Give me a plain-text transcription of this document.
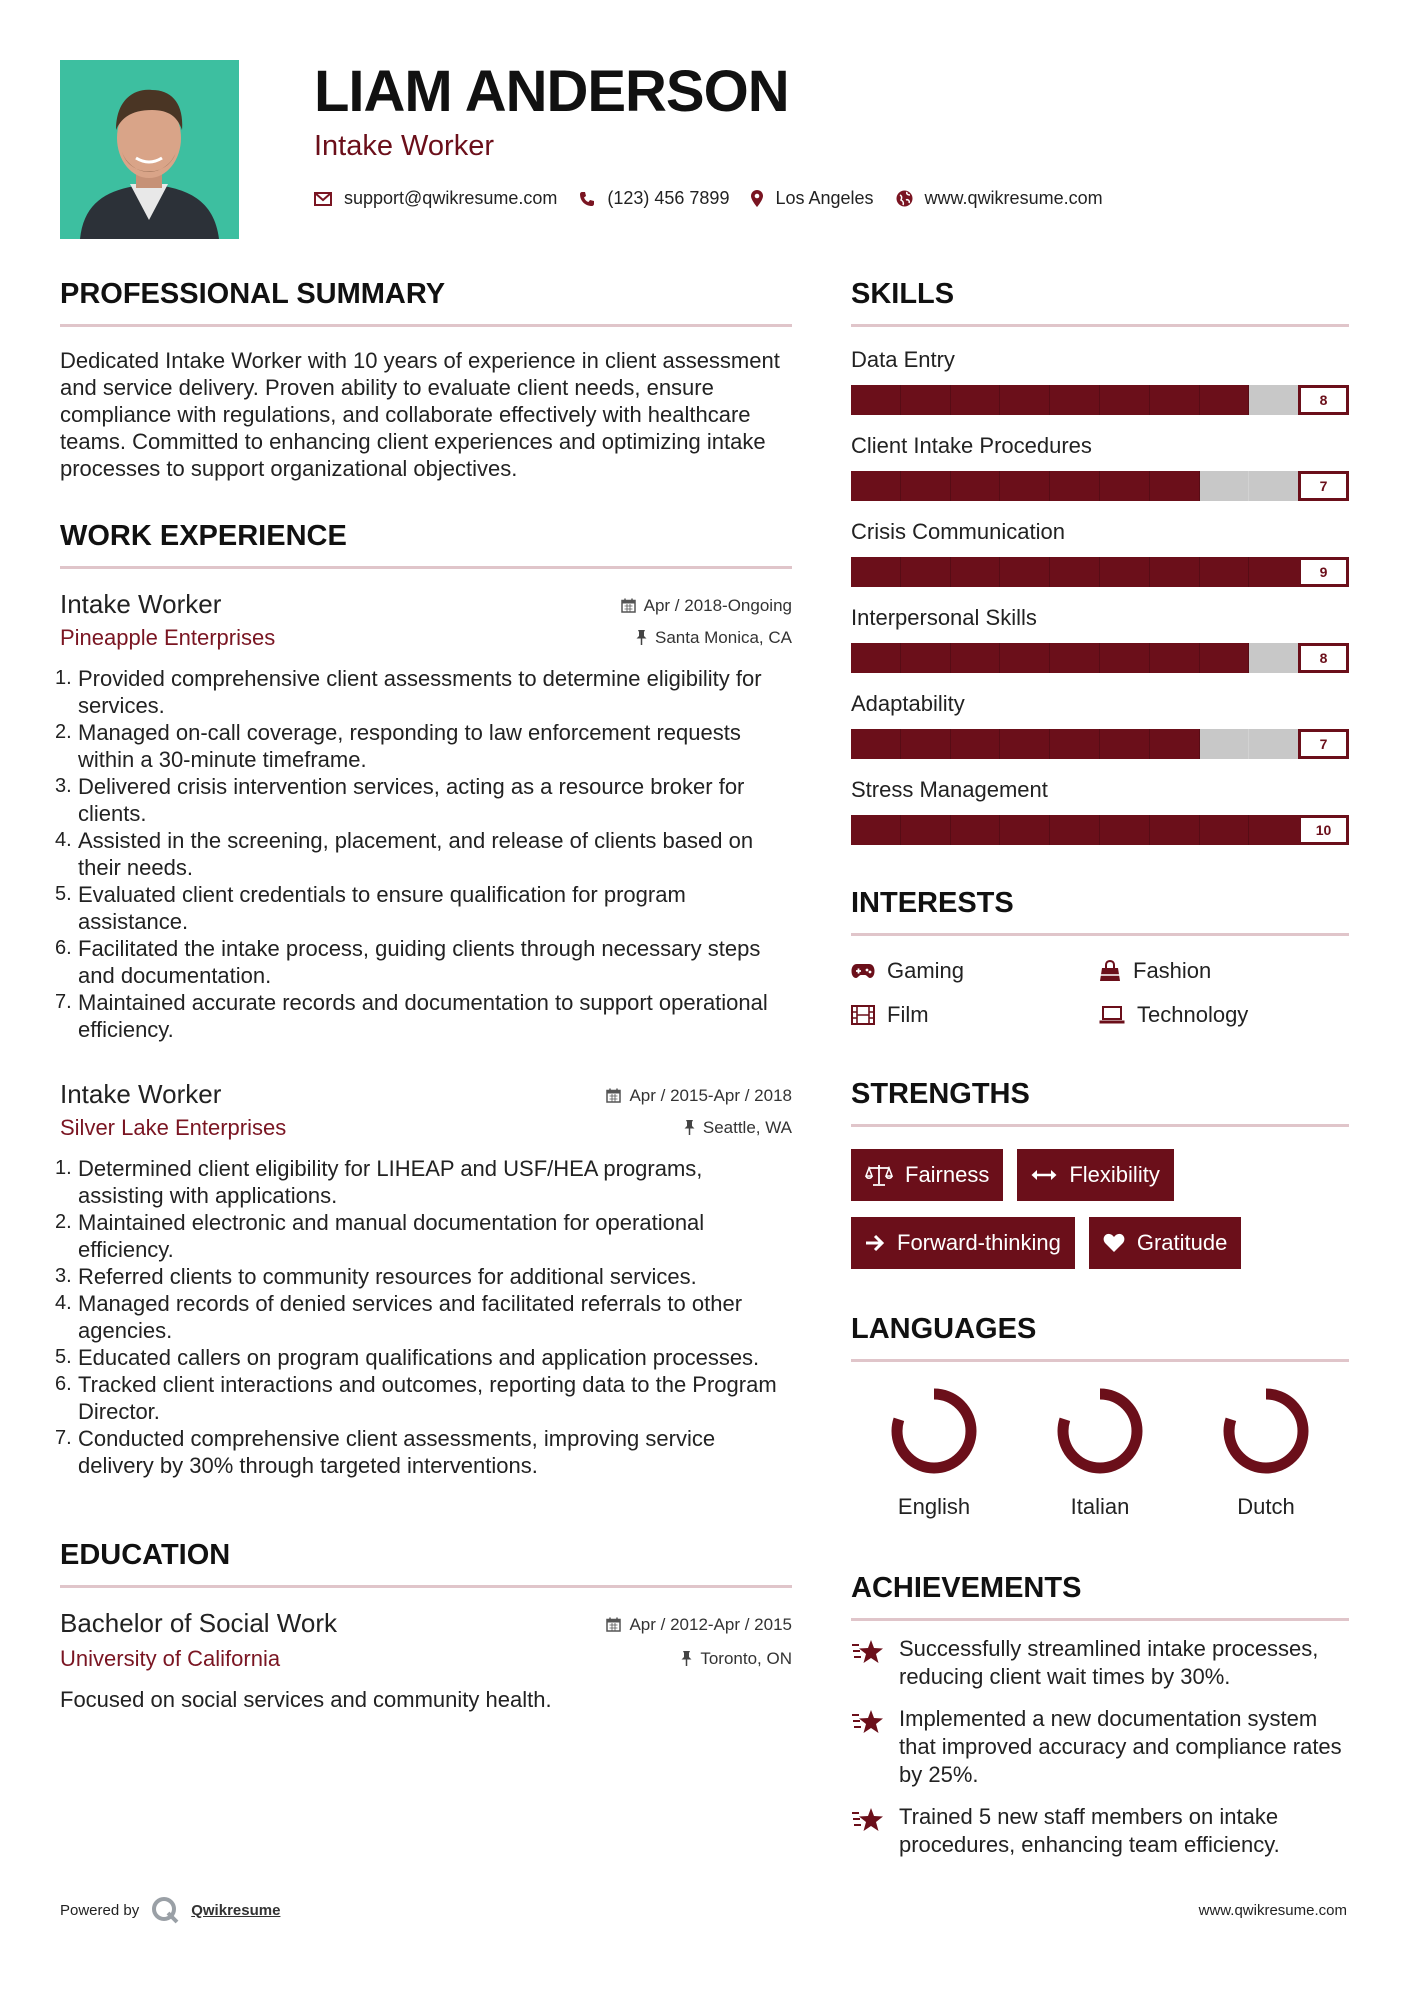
LIAM ANDERSON
Intake Worker
support@qwikresume.com	(123) 456 7899	Los Angeles	www.qwikresume.com
PROFESSIONAL SUMMARY

Dedicated Intake Worker with 10 years of experience in client assessment and service delivery. Proven ability to evaluate client needs, ensure compliance with regulations, and collaborate effectively with healthcare teams. Committed to enhancing client experiences and optimizing intake processes to support organizational objectives.

WORK EXPERIENCE
Intake Worker	Apr / 2018-Ongoing
Pineapple Enterprises	Santa Monica, CA
1. Provided comprehensive client assessments to determine eligibility for services.
2. Managed on-call coverage, responding to law enforcement requests within a 30-minute timeframe.
3. Delivered crisis intervention services, acting as a resource broker for clients.
4. Assisted in the screening, placement, and release of clients based on their needs.
5. Evaluated client credentials to ensure qualification for program assistance.
6. Facilitated the intake process, guiding clients through necessary steps and documentation.
7. Maintained accurate records and documentation to support operational efficiency.
Intake Worker	Apr / 2015-Apr / 2018
Silver Lake Enterprises	Seattle, WA
1. Determined client eligibility for LIHEAP and USF/HEA programs, assisting with applications.
2. Maintained electronic and manual documentation for operational efficiency.
3. Referred clients to community resources for additional services.
4. Managed records of denied services and facilitated referrals to other agencies.
5. Educated callers on program qualifications and application processes.
6. Tracked client interactions and outcomes, reporting data to the Program Director.
7. Conducted comprehensive client assessments, improving service delivery by 30% through targeted interventions.
EDUCATION
Bachelor of Social Work	Apr / 2012-Apr / 2015
University of California	Toronto, ON

Focused on social services and community health.

SKILLS
Data Entry
8
Client Intake Procedures
7
Crisis Communication
9
Interpersonal Skills
8
Adaptability
7
Stress Management
10
INTERESTS
Gaming	Fashion
Film	Technology
STRENGTHS
Fairness	Flexibility
Forward-thinking	Gratitude
LANGUAGES
English	Italian	Dutch
ACHIEVEMENTS
Successfully streamlined intake processes, reducing client wait times by 30%.
Implemented a new documentation system that improved accuracy and compliance rates by 25%.
Trained 5 new staff members on intake procedures, enhancing team efficiency.
Powered by	Qwikresume	www.qwikresume.com
